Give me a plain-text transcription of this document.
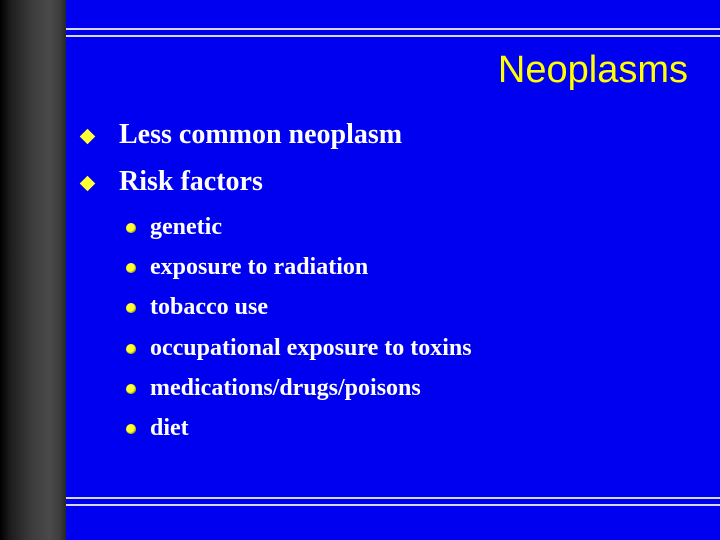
Neoplasms
Less common neoplasm
Risk factors
genetic
exposure to radiation
tobacco use
occupational exposure to toxins
medications/drugs/poisons
diet
